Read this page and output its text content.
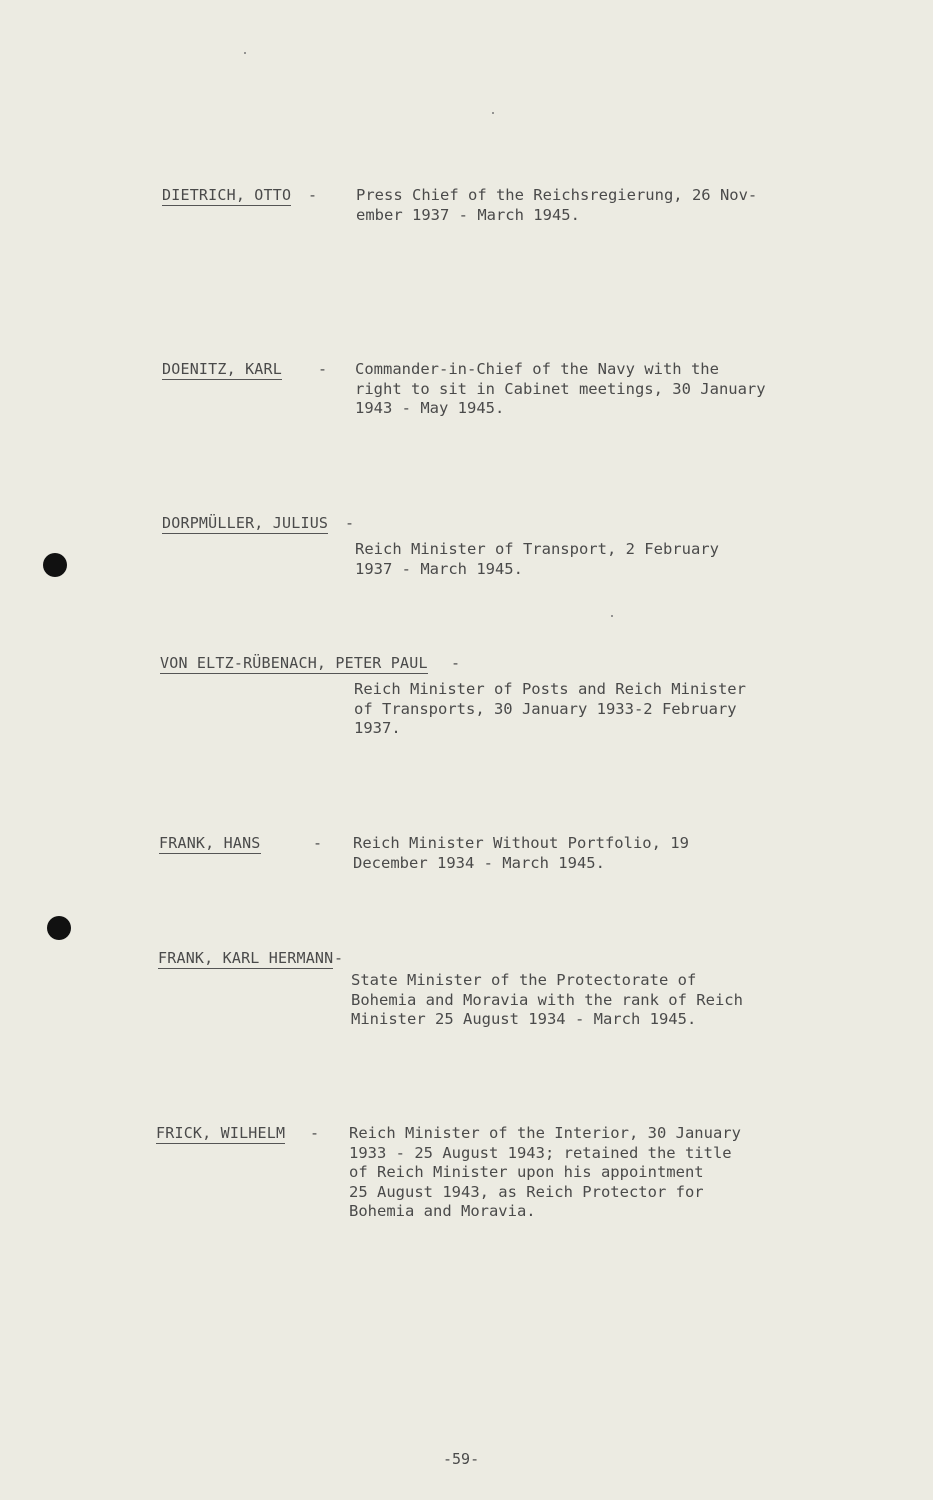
DIETRICH, OTTO -	Press Chief of the Reichsregierung, 26 Nov-
ember 1937 - March 1945.
DOENITZ, KARL - Commander-in-Chief of the Navy with the
right to sit in Cabinet meetings, 30 January
1943 - May 1945.
DORPMÜLLER, JULIUS -
Reich Minister of Transport, 2 February
1937 - March 1945.
VON ELTZ-RÜBENACH, PETER PAUL -
Reich Minister of Posts and Reich Minister
of Transports, 30 January 1933-2 February
1937.
FRANK, HANS	- Reich Minister Without Portfolio, 19
December 1934 - March 1945.
FRANK, KARL HERMANN -
State Minister of the Protectorate of
Bohemia and Moravia with the rank of Reich
Minister 25 August 1934 - March 1945.
FRICK, WILHELM - Reich Minister of the Interior, 30 January
1933 - 25 August 1943; retained the title
of Reich Minister upon his appointment
25 August 1943, as Reich Protector for
Bohemia and Moravia.
-59-
